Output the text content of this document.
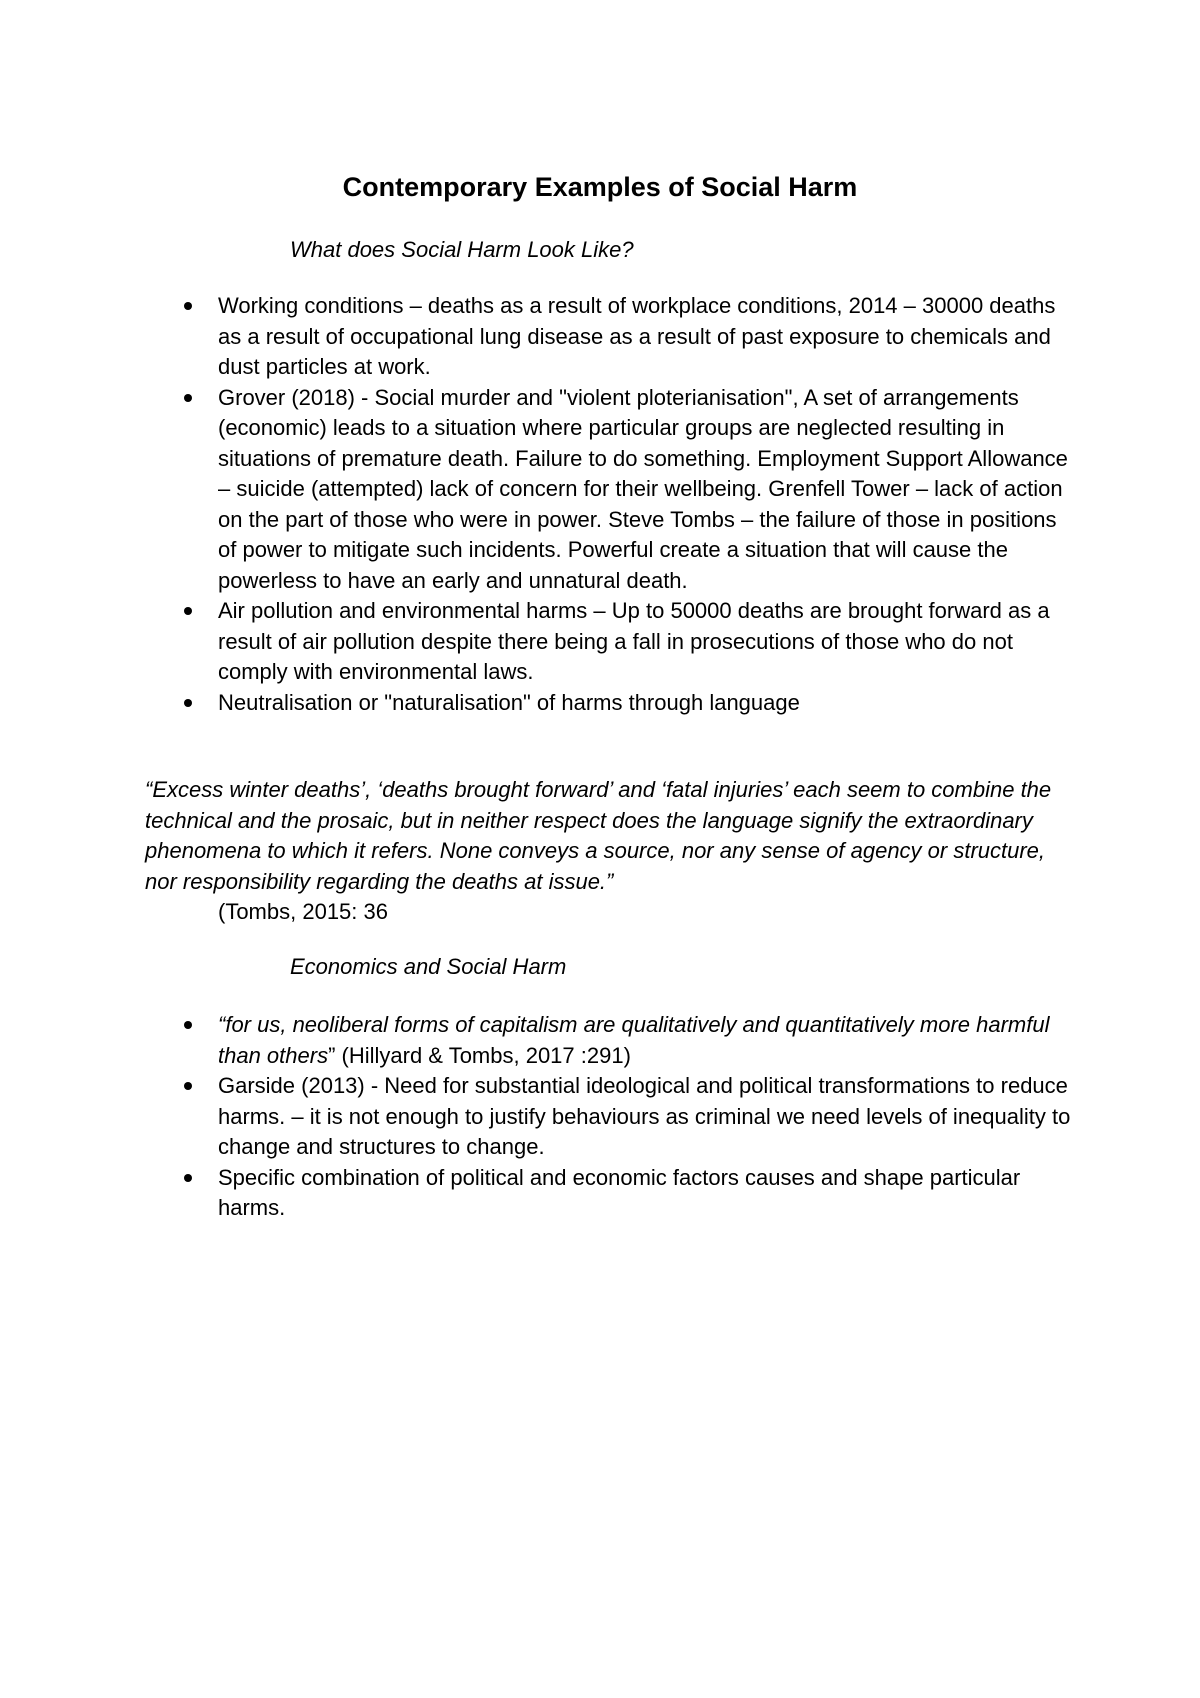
Contemporary Examples of Social Harm
What does Social Harm Look Like?
Working conditions – deaths as a result of workplace conditions, 2014 – 30000 deaths as a result of occupational lung disease as a result of past exposure to chemicals and dust particles at work.
Grover (2018) - Social murder and "violent ploterianisation", A set of arrangements (economic) leads to a situation where particular groups are neglected resulting in situations of premature death. Failure to do something. Employment Support Allowance – suicide (attempted) lack of concern for their wellbeing. Grenfell Tower – lack of action on the part of those who were in power. Steve Tombs – the failure of those in positions of power to mitigate such incidents. Powerful create a situation that will cause the powerless to have an early and unnatural death.
Air pollution and environmental harms – Up to 50000 deaths are brought forward as a result of air pollution despite there being a fall in prosecutions of those who do not comply with environmental laws.
Neutralisation or "naturalisation" of harms through language
“Excess winter deaths’, ‘deaths brought forward’ and ‘fatal injuries’ each seem to combine the technical and the prosaic, but in neither respect does the language signify the extraordinary phenomena to which it refers. None conveys a source, nor any sense of agency or structure, nor responsibility regarding the deaths at issue.”
(Tombs, 2015: 36
Economics and Social Harm
“for us, neoliberal forms of capitalism are qualitatively and quantitatively more harmful than others” (Hillyard & Tombs, 2017 :291)
Garside (2013) - Need for substantial ideological and political transformations to reduce harms. – it is not enough to justify behaviours as criminal we need levels of inequality to change and structures to change.
Specific combination of political and economic factors causes and shape particular harms.
